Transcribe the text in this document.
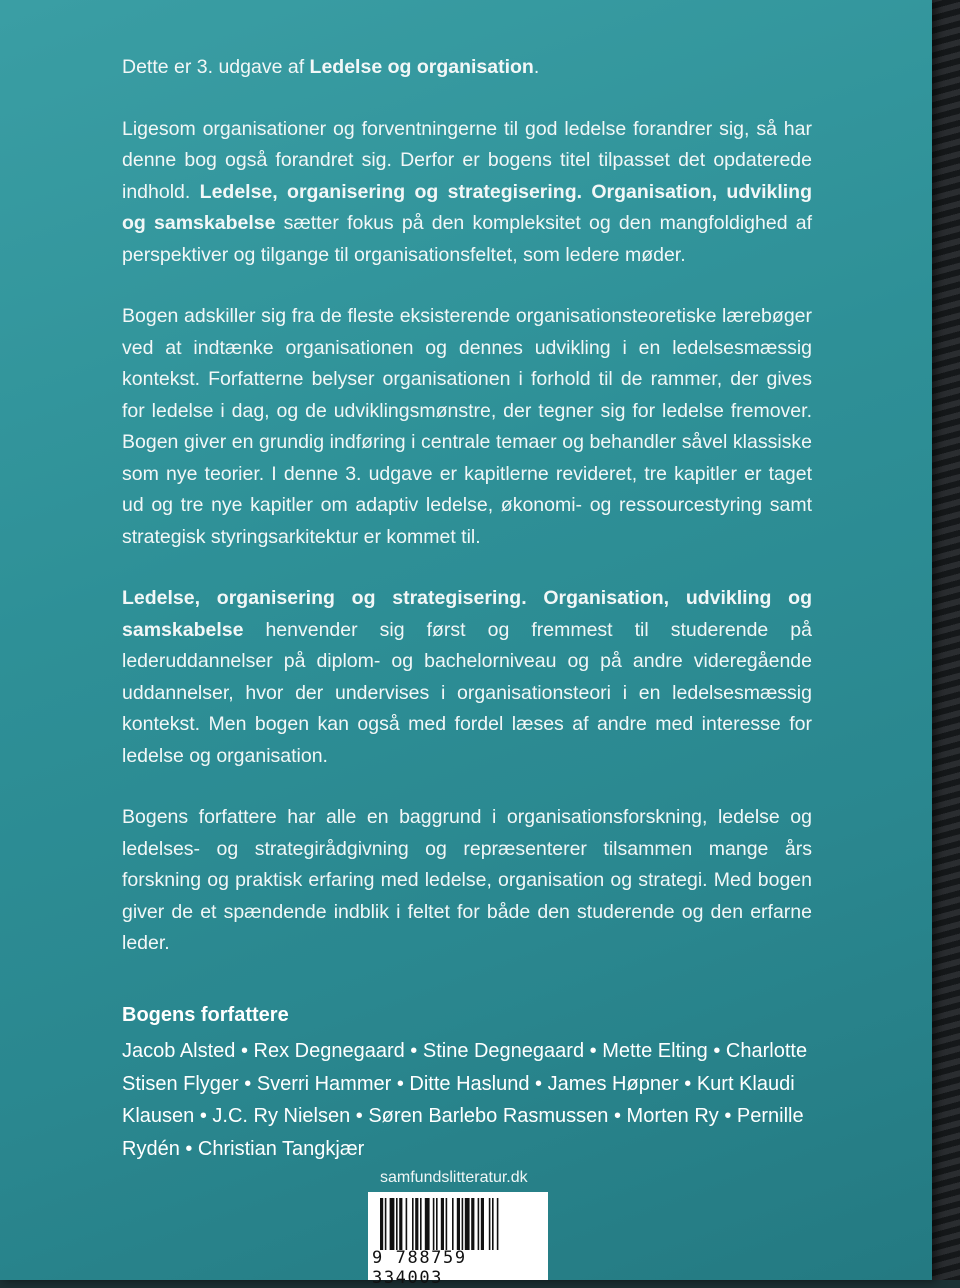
Dette er 3. udgave af Ledelse og organisation.

Ligesom organisationer og forventningerne til god ledelse forandrer sig, så har denne bog også forandret sig. Derfor er bogens titel tilpasset det opdaterede indhold. Ledelse, organisering og strategisering. Organisation, udvikling og samskabelse sætter fokus på den kompleksitet og den mangfoldighed af perspektiver og tilgange til organisationsfeltet, som ledere møder.

Bogen adskiller sig fra de fleste eksisterende organisationsteoretiske lærebøger ved at indtænke organisationen og dennes udvikling i en ledelsesmæssig kontekst. Forfatterne belyser organisationen i forhold til de rammer, der gives for ledelse i dag, og de udviklingsmønstre, der tegner sig for ledelse fremover. Bogen giver en grundig indføring i centrale temaer og behandler såvel klassiske som nye teorier. I denne 3. udgave er kapitlerne revideret, tre kapitler er taget ud og tre nye kapitler om adaptiv ledelse, økonomi- og ressourcestyring samt strategisk styringsarkitektur er kommet til.

Ledelse, organisering og strategisering. Organisation, udvikling og samskabelse henvender sig først og fremmest til studerende på lederuddannelser på diplom- og bachelorniveau og på andre videregående uddannelser, hvor der undervises i organisationsteori i en ledelsesmæssig kontekst. Men bogen kan også med fordel læses af andre med interesse for ledelse og organisation.

Bogens forfattere har alle en baggrund i organisationsforskning, ledelse og ledelses- og strategirådgivning og repræsenterer tilsammen mange års forskning og praktisk erfaring med ledelse, organisation og strategi. Med bogen giver de et spændende indblik i feltet for både den studerende og den erfarne leder.

Bogens forfattere

Jacob Alsted • Rex Degnegaard • Stine Degnegaard • Mette Elting • Charlotte Stisen Flyger • Sverri Hammer • Ditte Haslund • James Høpner • Kurt Klaudi Klausen • J.C. Ry Nielsen • Søren Barlebo Rasmussen • Morten Ry • Pernille Rydén • Christian Tangkjær

samfundslitteratur.dk
9 788759 334003
